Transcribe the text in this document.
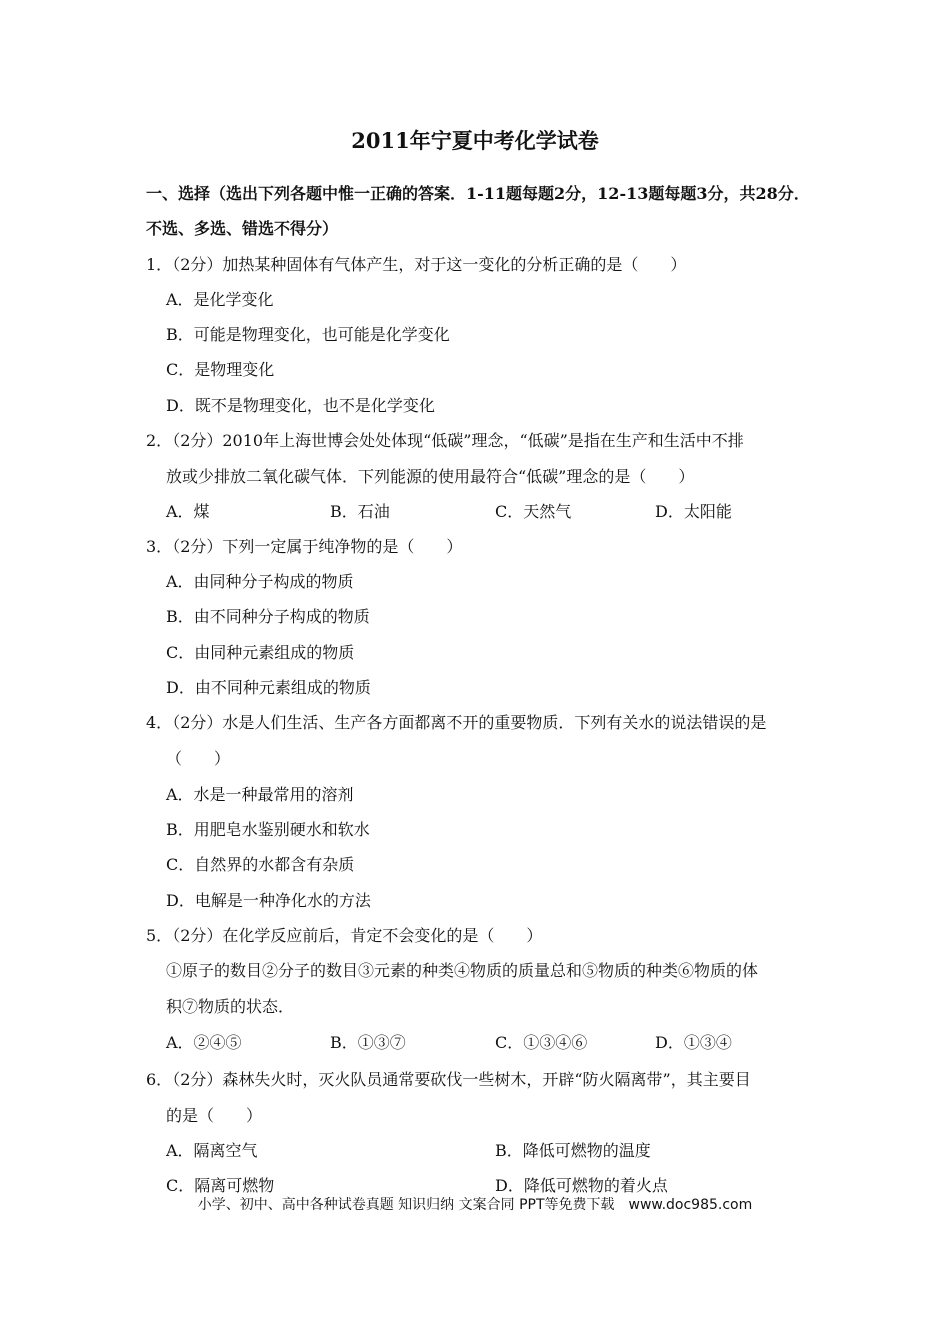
2011年宁夏中考化学试卷
一、选择（选出下列各题中惟一正确的答案．1-11题每题2分，12-13题每题3分，共28分．不选、多选、错选不得分）
1．（2分）加热某种固体有气体产生，对于这一变化的分析正确的是（　　）
A．是化学变化
B．可能是物理变化，也可能是化学变化
C．是物理变化
D．既不是物理变化，也不是化学变化
2．（2分）2010年上海世博会处处体现“低碳”理念，“低碳”是指在生产和生活中不排
放或少排放二氧化碳气体．下列能源的使用最符合“低碳”理念的是（　　）
A．煤	B．石油	C．天然气	D．太阳能
3．（2分）下列一定属于纯净物的是（　　）
A．由同种分子构成的物质
B．由不同种分子构成的物质
C．由同种元素组成的物质
D．由不同种元素组成的物质
4．（2分）水是人们生活、生产各方面都离不开的重要物质．下列有关水的说法错误的是
（　　）
A．水是一种最常用的溶剂
B．用肥皂水鉴别硬水和软水
C．自然界的水都含有杂质
D．电解是一种净化水的方法
5．（2分）在化学反应前后，肯定不会变化的是（　　）
①原子的数目②分子的数目③元素的种类④物质的质量总和⑤物质的种类⑥物质的体
积⑦物质的状态．
A．②④⑤	B．①③⑦	C．①③④⑥	D．①③④
6．（2分）森林失火时，灭火队员通常要砍伐一些树木，开辟“防火隔离带”，其主要目
的是（　　）
A．隔离空气	B．降低可燃物的温度
C．隔离可燃物	D．降低可燃物的着火点
小学、初中、高中各种试卷真题 知识归纳 文案合同 PPT等免费下载　www.doc985.com
